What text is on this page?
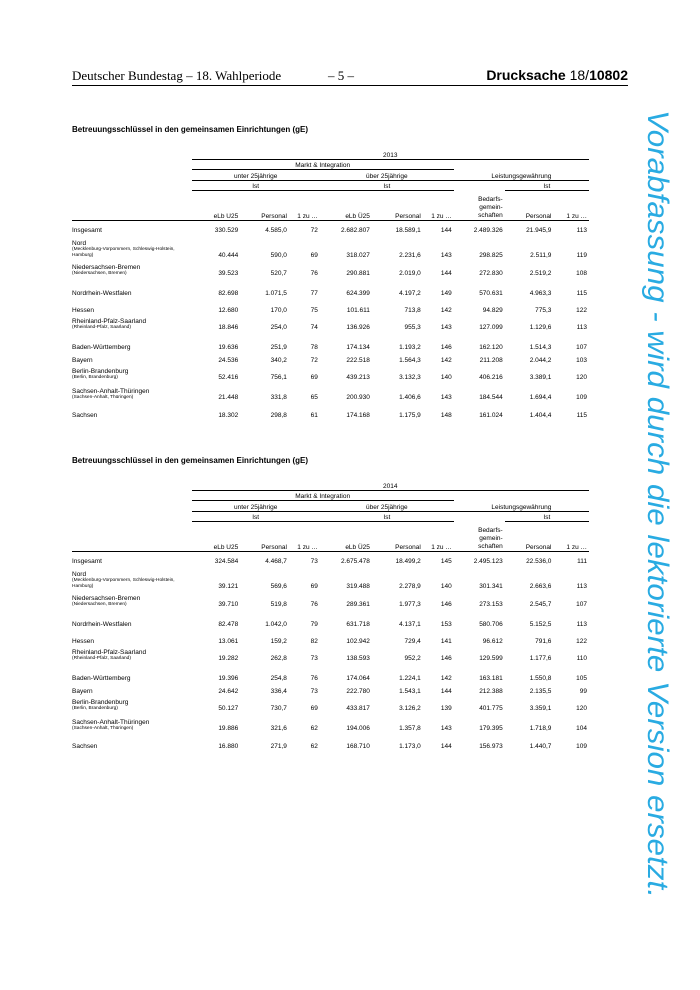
Deutscher Bundestag – 18. Wahlperiode	– 5 –	Drucksache 18/10802
Betreuungsschlüssel in den gemeinsamen Einrichtungen (gE)
	2013								
	Markt & Integration								
	unter 25jährige			über 25jährige			Leistungsgewährung		
	Ist			Ist				Ist	
	eLb U25	Personal	1 zu …	eLb Ü25	Personal	1 zu …	Bedarfs-
gemein-
schaften	Personal	1 zu …

Insgesamt	330.529	4.585,0	72	2.682.807	18.589,1	144	2.489.326	21.945,9	113

Nord
(Mecklenburg-Vorpommern, Schleswig-Holstein, Hamburg)	40.444	590,0	69	318.027	2.231,6	143	298.825	2.511,9	119

Niedersachsen-Bremen
(Niedersachsen, Bremen)	39.523	520,7	76	290.881	2.019,0	144	272.830	2.519,2	108

Nordrhein-Westfalen	82.698	1.071,5	77	624.399	4.197,2	149	570.631	4.963,3	115

Hessen	12.680	170,0	75	101.611	713,8	142	94.829	775,3	122

Rheinland-Pfalz-Saarland
(Rheinland-Pfalz, Saarland)	18.846	254,0	74	136.926	955,3	143	127.099	1.129,6	113

Baden-Württemberg	19.636	251,9	78	174.134	1.193,2	146	162.120	1.514,3	107

Bayern	24.536	340,2	72	222.518	1.564,3	142	211.208	2.044,2	103

Berlin-Brandenburg
(Berlin, Brandenburg)	52.416	756,1	69	439.213	3.132,3	140	406.216	3.389,1	120

Sachsen-Anhalt-Thüringen
(Sachsen-Anhalt, Thüringen)	21.448	331,8	65	200.930	1.406,6	143	184.544	1.694,4	109

Sachsen	18.302	298,8	61	174.168	1.175,9	148	161.024	1.404,4	115
Betreuungsschlüssel in den gemeinsamen Einrichtungen (gE)
	2014								
	Markt & Integration								
	unter 25jährige			über 25jährige			Leistungsgewährung		
	Ist			Ist				Ist	
	eLb U25	Personal	1 zu …	eLb Ü25	Personal	1 zu …	Bedarfs-
gemein-
schaften	Personal	1 zu …

Insgesamt	324.584	4.468,7	73	2.675.478	18.499,2	145	2.495.123	22.536,0	111

Nord
(Mecklenburg-Vorpommern, Schleswig-Holstein, Hamburg)	39.121	569,6	69	319.488	2.278,9	140	301.341	2.663,6	113

Niedersachsen-Bremen
(Niedersachsen, Bremen)	39.710	519,8	76	289.361	1.977,3	146	273.153	2.545,7	107

Nordrhein-Westfalen	82.478	1.042,0	79	631.718	4.137,1	153	580.706	5.152,5	113

Hessen	13.061	159,2	82	102.942	729,4	141	96.612	791,6	122

Rheinland-Pfalz-Saarland
(Rheinland-Pfalz, Saarland)	19.282	262,8	73	138.593	952,2	146	129.599	1.177,6	110

Baden-Württemberg	19.396	254,8	76	174.064	1.224,1	142	163.181	1.550,8	105

Bayern	24.642	336,4	73	222.780	1.543,1	144	212.388	2.135,5	99

Berlin-Brandenburg
(Berlin, Brandenburg)	50.127	730,7	69	433.817	3.126,2	139	401.775	3.359,1	120

Sachsen-Anhalt-Thüringen
(Sachsen-Anhalt, Thüringen)	19.886	321,6	62	194.006	1.357,8	143	179.395	1.718,9	104

Sachsen	16.880	271,9	62	168.710	1.173,0	144	156.973	1.440,7	109 Vorabfassung - wird durch die lektorierte Version ersetzt.
